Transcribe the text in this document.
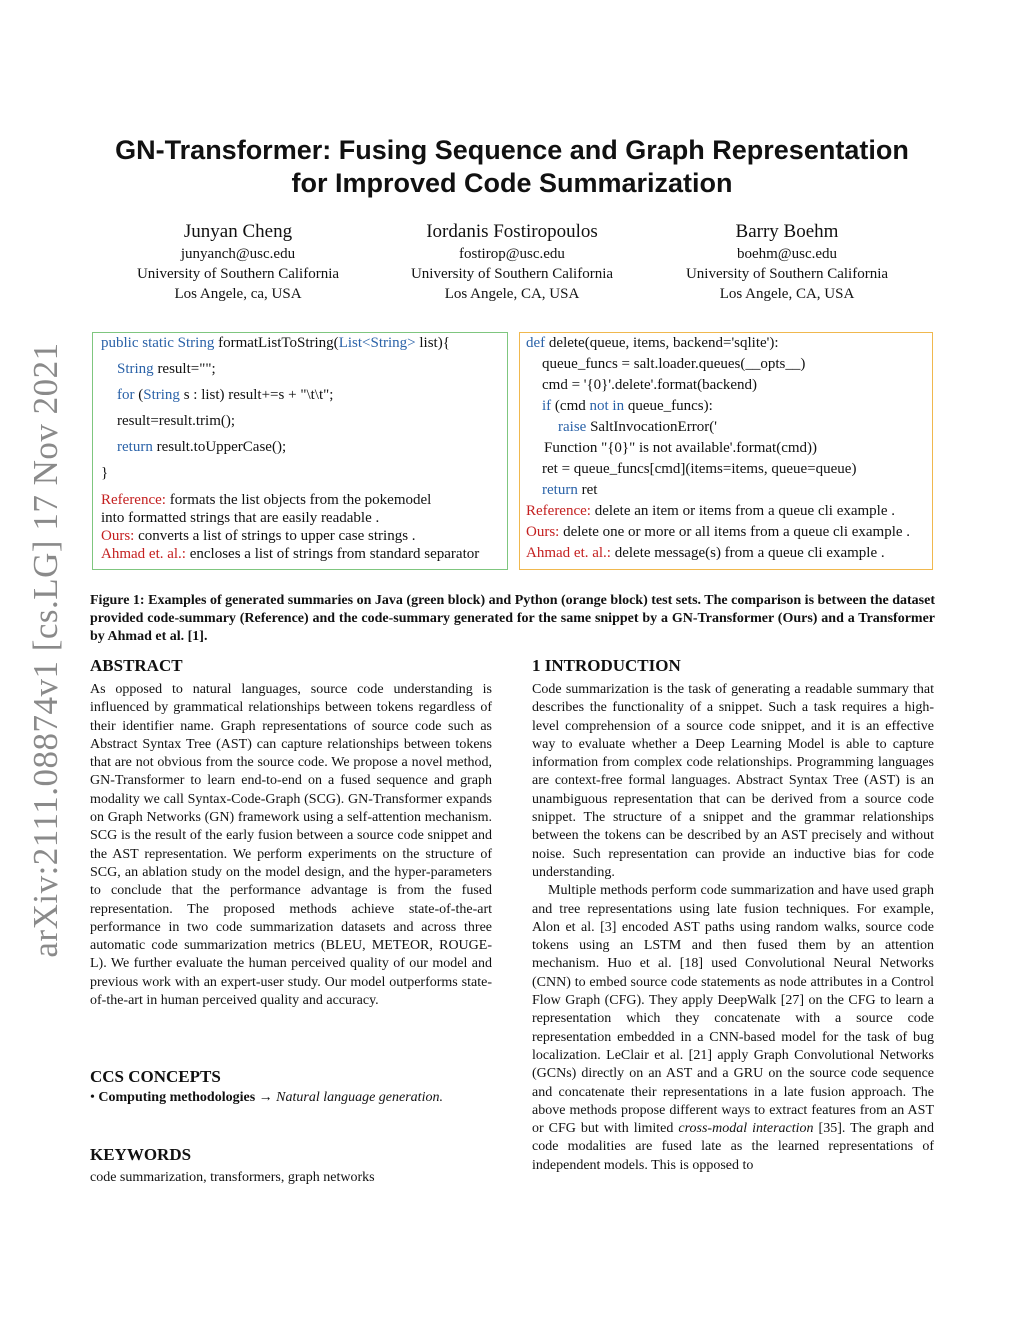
arXiv:2111.08874v1 [cs.LG] 17 Nov 2021
GN-Transformer: Fusing Sequence and Graph Representation
for Improved Code Summarization
Junyan Cheng
junyanch@usc.edu
University of Southern California
Los Angele, ca, USA
Iordanis Fostiropoulos
fostirop@usc.edu
University of Southern California
Los Angele, CA, USA
Barry Boehm
boehm@usc.edu
University of Southern California
Los Angele, CA, USA
public static String formatListToString(List<String> list){
String result="";
for (String s : list) result+=s + "\t\t";
result=result.trim();
return result.toUpperCase();
}
Reference: formats the list objects from the pokemodel
into formatted strings that are easily readable .
Ours: converts a list of strings to upper case strings .
Ahmad et. al.: encloses a list of strings from standard separator
def delete(queue, items, backend='sqlite'):
queue_funcs = salt.loader.queues(__opts__)
cmd = '{0}'.delete'.format(backend)
if (cmd not in queue_funcs):
raise SaltInvocationError('
Function "{0}" is not available'.format(cmd))
ret = queue_funcs[cmd](items=items, queue=queue)
return ret
Reference: delete an item or items from a queue cli example .
Ours: delete one or more or all items from a queue cli example .
Ahmad et. al.: delete message(s) from a queue cli example .
Figure 1: Examples of generated summaries on Java (green block) and Python (orange block) test sets. The comparison is between the dataset provided code-summary (Reference) and the code-summary generated for the same snippet by a GN-Transformer (Ours) and a Transformer by Ahmad et al. [1].
ABSTRACT

As opposed to natural languages, source code understanding is influenced by grammatical relationships between tokens regardless of their identifier name. Graph representations of source code such as Abstract Syntax Tree (AST) can capture relationships between tokens that are not obvious from the source code. We propose a novel method, GN-Transformer to learn end-to-end on a fused sequence and graph modality we call Syntax-Code-Graph (SCG). GN-Transformer expands on Graph Networks (GN) framework using a self-attention mechanism. SCG is the result of the early fusion between a source code snippet and the AST representation. We perform experiments on the structure of SCG, an ablation study on the model design, and the hyper-parameters to conclude that the performance advantage is from the fused representation. The proposed methods achieve state-of-the-art performance in two code summarization datasets and across three automatic code summarization metrics (BLEU, METEOR, ROUGE-L). We further evaluate the human perceived quality of our model and previous work with an expert-user study. Our model outperforms state-of-the-art in human perceived quality and accuracy.

CCS CONCEPTS
• Computing methodologies → Natural language generation.
KEYWORDS
code summarization, transformers, graph networks
1 INTRODUCTION

Code summarization is the task of generating a readable summary that describes the functionality of a snippet. Such a task requires a high-level comprehension of a source code snippet, and it is an effective way to evaluate whether a Deep Learning Model is able to capture information from complex code relationships. Programming languages are context-free formal languages. Abstract Syntax Tree (AST) is an unambiguous representation that can be derived from a source code snippet. The structure of a snippet and the grammar relationships between the tokens can be described by an AST precisely and without noise. Such representation can provide an inductive bias for code understanding.

Multiple methods perform code summarization and have used graph and tree representations using late fusion techniques. For example, Alon et al. [3] encoded AST paths using random walks, source code tokens using an LSTM and then fused them by an attention mechanism. Huo et al. [18] used Convolutional Neural Networks (CNN) to embed source code statements as node attributes in a Control Flow Graph (CFG). They apply DeepWalk [27] on the CFG to learn a representation which they concatenate with a source code representation embedded in a CNN-based model for the task of bug localization. LeClair et al. [21] apply Graph Convolutional Networks (GCNs) directly on an AST and a GRU on the source code sequence and concatenate their representations in a late fusion approach. The above methods propose different ways to extract features from an AST or CFG but with limited cross-modal interaction [35]. The graph and code modalities are fused late as the learned representations of independent models. This is opposed to
